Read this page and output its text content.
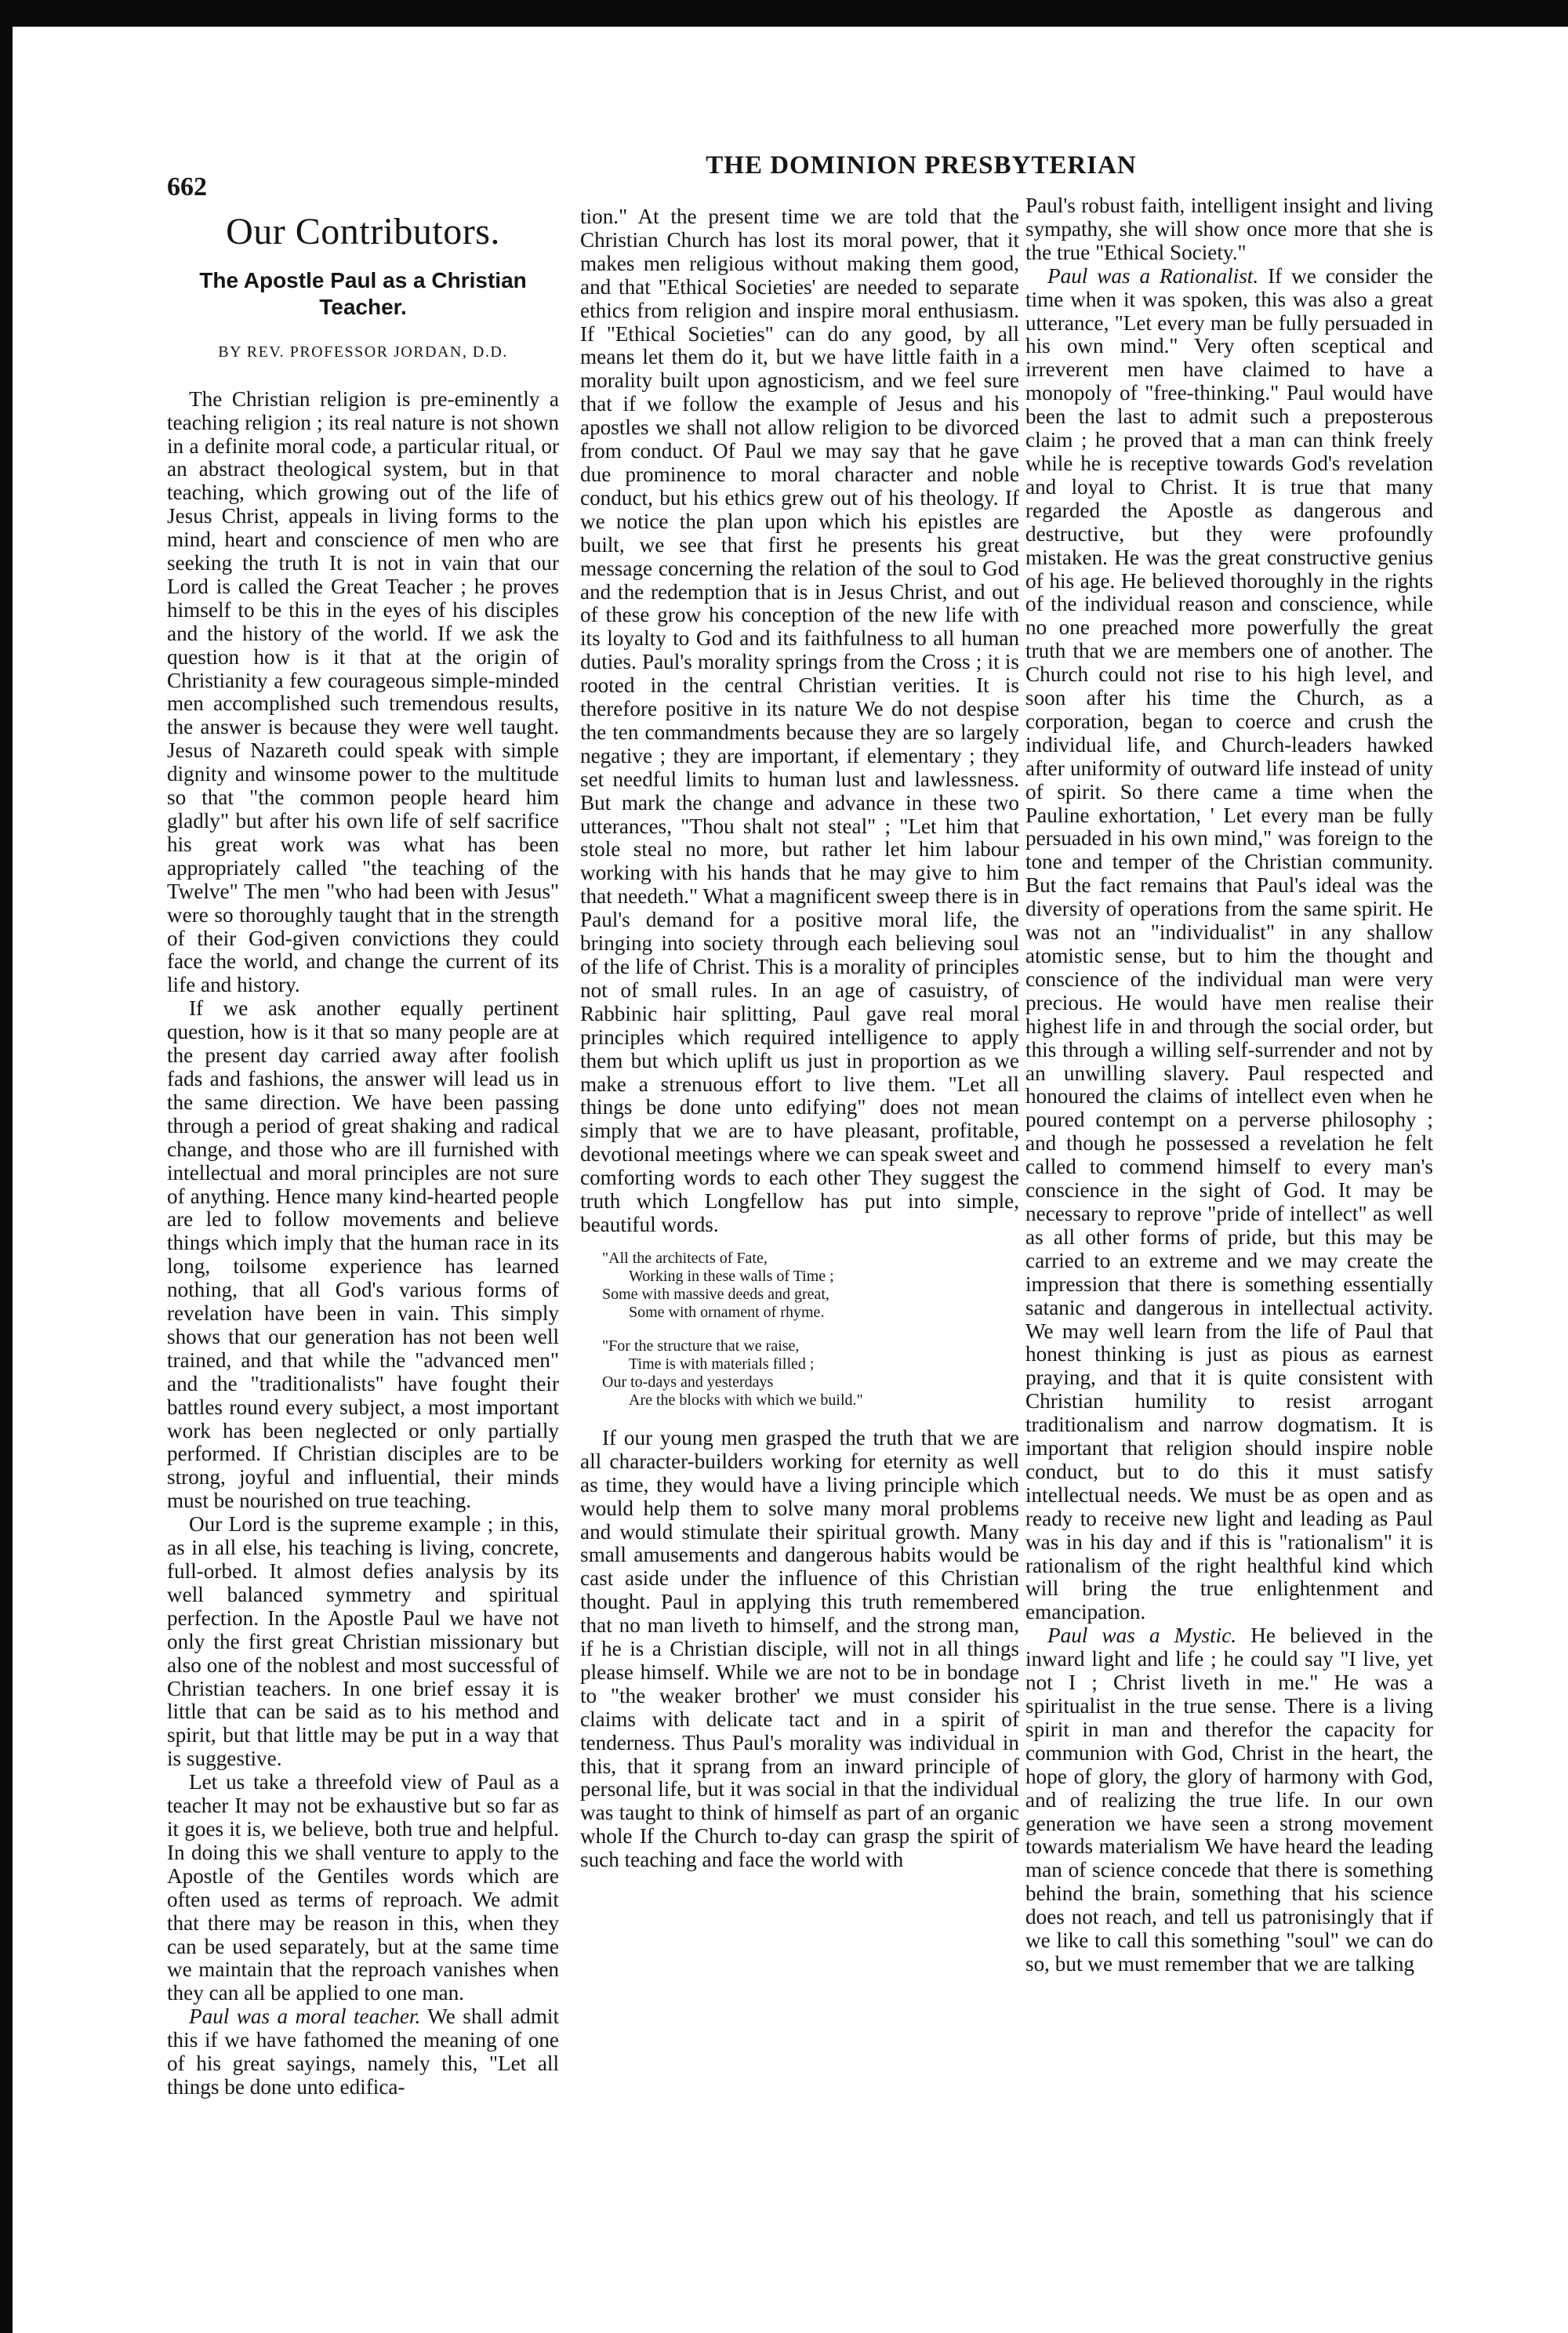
662

THE DOMINION PRESBYTERIAN

Our Contributors.
The Apostle Paul as a Christian Teacher.
BY REV. PROFESSOR JORDAN, D.D.

The Christian religion is pre-eminently a teaching religion ; its real nature is not shown in a definite moral code, a particular ritual, or an abstract theological system, but in that teaching, which growing out of the life of Jesus Christ, appeals in living forms to the mind, heart and conscience of men who are seeking the truth It is not in vain that our Lord is called the Great Teacher ; he proves himself to be this in the eyes of his disciples and the history of the world. If we ask the question how is it that at the origin of Christianity a few courageous simple-minded men accomplished such tremendous results, the answer is because they were well taught. Jesus of Nazareth could speak with simple dignity and winsome power to the multitude so that "the common people heard him gladly" but after his own life of self sacrifice his great work was what has been appropriately called "the teaching of the Twelve" The men "who had been with Jesus" were so thoroughly taught that in the strength of their God-given convictions they could face the world, and change the current of its life and history.

If we ask another equally pertinent question, how is it that so many people are at the present day carried away after foolish fads and fashions, the answer will lead us in the same direction. We have been passing through a period of great shaking and radical change, and those who are ill furnished with intellectual and moral principles are not sure of anything. Hence many kind-hearted people are led to follow movements and believe things which imply that the human race in its long, toilsome experience has learned nothing, that all God's various forms of revelation have been in vain. This simply shows that our generation has not been well trained, and that while the "advanced men" and the "traditionalists" have fought their battles round every subject, a most important work has been neglected or only partially performed. If Christian disciples are to be strong, joyful and influential, their minds must be nourished on true teaching.

Our Lord is the supreme example ; in this, as in all else, his teaching is living, concrete, full-orbed. It almost defies analysis by its well balanced symmetry and spiritual perfection. In the Apostle Paul we have not only the first great Christian missionary but also one of the noblest and most successful of Christian teachers. In one brief essay it is little that can be said as to his method and spirit, but that little may be put in a way that is suggestive.

Let us take a threefold view of Paul as a teacher It may not be exhaustive but so far as it goes it is, we believe, both true and helpful. In doing this we shall venture to apply to the Apostle of the Gentiles words which are often used as terms of reproach. We admit that there may be reason in this, when they can be used separately, but at the same time we maintain that the reproach vanishes when they can all be applied to one man.

Paul was a moral teacher. We shall admit this if we have fathomed the meaning of one of his great sayings, namely this, "Let all things be done unto edifica-

tion." At the present time we are told that the Christian Church has lost its moral power, that it makes men religious without making them good, and that "Ethical Societies' are needed to separate ethics from religion and inspire moral enthusiasm. If "Ethical Societies" can do any good, by all means let them do it, but we have little faith in a morality built upon agnosticism, and we feel sure that if we follow the example of Jesus and his apostles we shall not allow religion to be divorced from conduct. Of Paul we may say that he gave due prominence to moral character and noble conduct, but his ethics grew out of his theology. If we notice the plan upon which his epistles are built, we see that first he presents his great message concerning the relation of the soul to God and the redemption that is in Jesus Christ, and out of these grow his conception of the new life with its loyalty to God and its faithfulness to all human duties. Paul's morality springs from the Cross ; it is rooted in the central Christian verities. It is therefore positive in its nature We do not despise the ten commandments because they are so largely negative ; they are important, if elementary ; they set needful limits to human lust and lawlessness. But mark the change and advance in these two utterances, "Thou shalt not steal" ; "Let him that stole steal no more, but rather let him labour working with his hands that he may give to him that needeth." What a magnificent sweep there is in Paul's demand for a positive moral life, the bringing into society through each believing soul of the life of Christ. This is a morality of principles not of small rules. In an age of casuistry, of Rabbinic hair splitting, Paul gave real moral principles which required intelligence to apply them but which uplift us just in proportion as we make a strenuous effort to live them. "Let all things be done unto edifying" does not mean simply that we are to have pleasant, profitable, devotional meetings where we can speak sweet and comforting words to each other They suggest the truth which Longfellow has put into simple, beautiful words.

"All the architects of Fate,
Working in these walls of Time ;
Some with massive deeds and great,
Some with ornament of rhyme.
"For the structure that we raise,
Time is with materials filled ;
Our to-days and yesterdays
Are the blocks with which we build."

If our young men grasped the truth that we are all character-builders working for eternity as well as time, they would have a living principle which would help them to solve many moral problems and would stimulate their spiritual growth. Many small amusements and dangerous habits would be cast aside under the influence of this Christian thought. Paul in applying this truth remembered that no man liveth to himself, and the strong man, if he is a Christian disciple, will not in all things please himself. While we are not to be in bondage to "the weaker brother' we must consider his claims with delicate tact and in a spirit of tenderness. Thus Paul's morality was individual in this, that it sprang from an inward principle of personal life, but it was social in that the individual was taught to think of himself as part of an organic whole If the Church to-day can grasp the spirit of such teaching and face the world with

Paul's robust faith, intelligent insight and living sympathy, she will show once more that she is the true "Ethical Society."

Paul was a Rationalist. If we consider the time when it was spoken, this was also a great utterance, "Let every man be fully persuaded in his own mind." Very often sceptical and irreverent men have claimed to have a monopoly of "free-thinking." Paul would have been the last to admit such a preposterous claim ; he proved that a man can think freely while he is receptive towards God's revelation and loyal to Christ. It is true that many regarded the Apostle as dangerous and destructive, but they were profoundly mistaken. He was the great constructive genius of his age. He believed thoroughly in the rights of the individual reason and conscience, while no one preached more powerfully the great truth that we are members one of another. The Church could not rise to his high level, and soon after his time the Church, as a corporation, began to coerce and crush the individual life, and Church-leaders hawked after uniformity of outward life instead of unity of spirit. So there came a time when the Pauline exhortation, ' Let every man be fully persuaded in his own mind," was foreign to the tone and temper of the Christian community. But the fact remains that Paul's ideal was the diversity of operations from the same spirit. He was not an "individualist" in any shallow atomistic sense, but to him the thought and conscience of the individual man were very precious. He would have men realise their highest life in and through the social order, but this through a willing self-surrender and not by an unwilling slavery. Paul respected and honoured the claims of intellect even when he poured contempt on a perverse philosophy ; and though he possessed a revelation he felt called to commend himself to every man's conscience in the sight of God. It may be necessary to reprove "pride of intellect" as well as all other forms of pride, but this may be carried to an extreme and we may create the impression that there is something essentially satanic and dangerous in intellectual activity. We may well learn from the life of Paul that honest thinking is just as pious as earnest praying, and that it is quite consistent with Christian humility to resist arrogant traditionalism and narrow dogmatism. It is important that religion should inspire noble conduct, but to do this it must satisfy intellectual needs. We must be as open and as ready to receive new light and leading as Paul was in his day and if this is "rationalism" it is rationalism of the right healthful kind which will bring the true enlightenment and emancipation.

Paul was a Mystic. He believed in the inward light and life ; he could say "I live, yet not I ; Christ liveth in me." He was a spiritualist in the true sense. There is a living spirit in man and therefor the capacity for communion with God, Christ in the heart, the hope of glory, the glory of harmony with God, and of realizing the true life. In our own generation we have seen a strong movement towards materialism We have heard the leading man of science concede that there is something behind the brain, something that his science does not reach, and tell us patronisingly that if we like to call this something "soul" we can do so, but we must remember that we are talking
